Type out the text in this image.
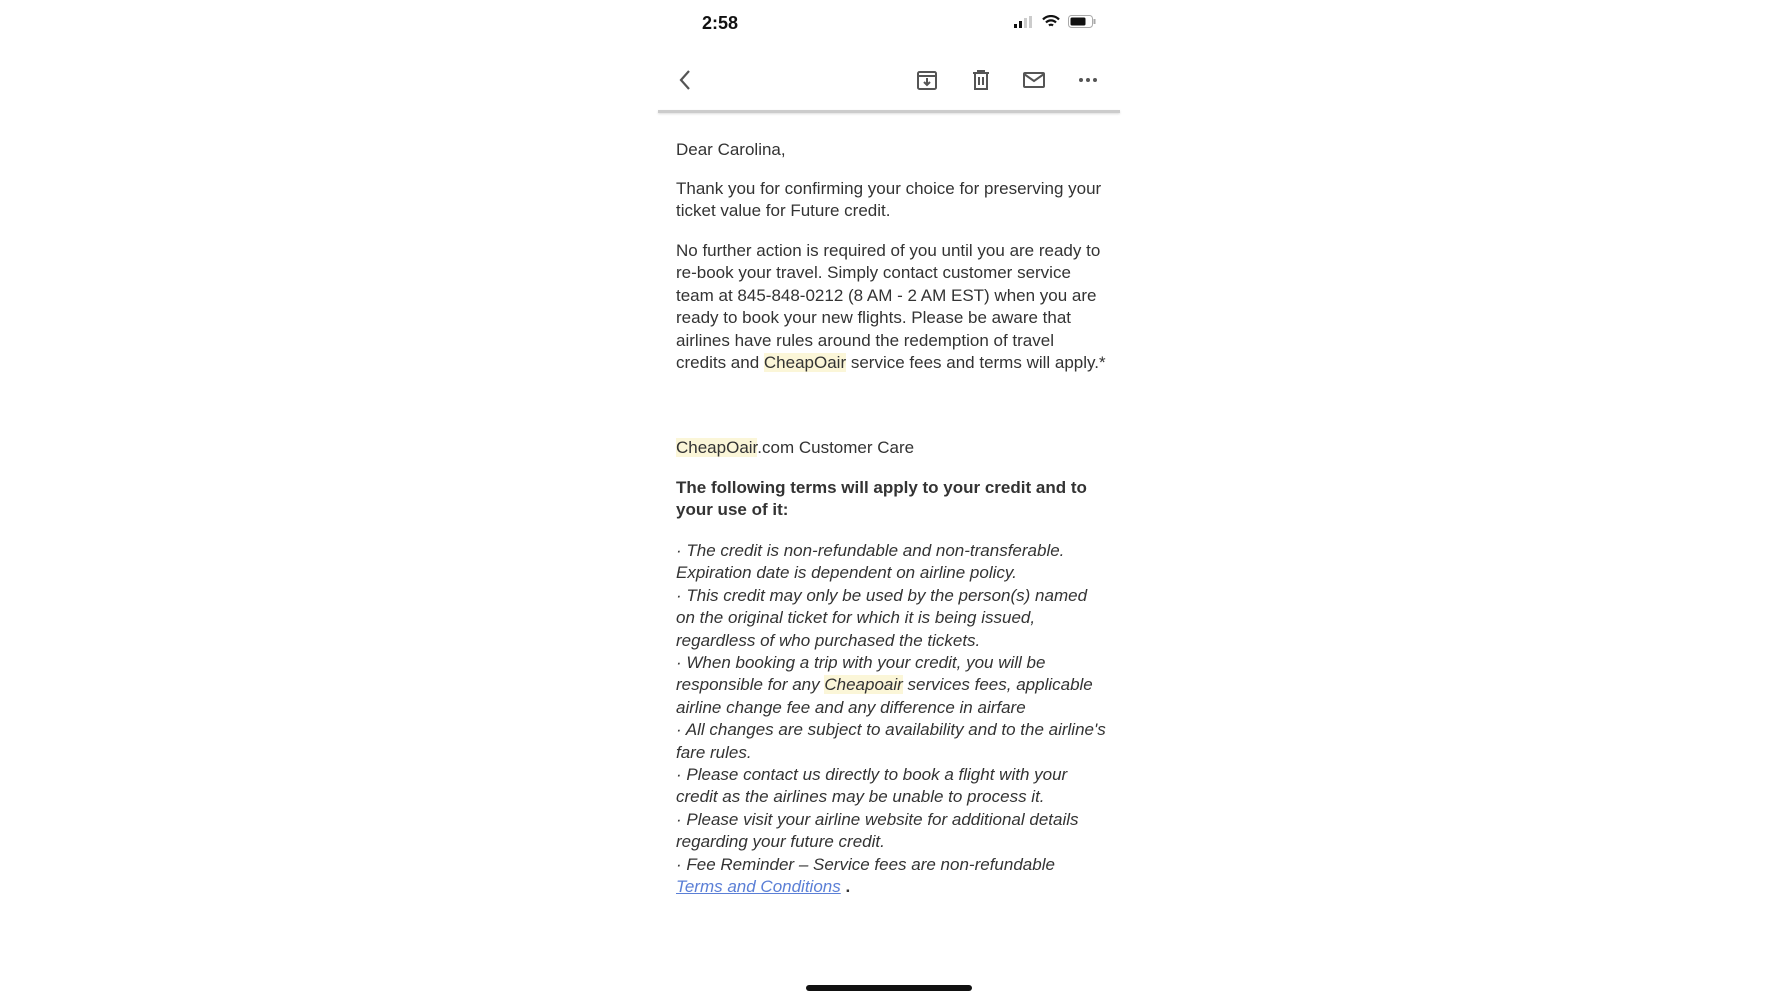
2:58
Dear Carolina,
Thank you for confirming your choice for preserving your ticket value for Future credit.
No further action is required of you until you are ready to re-book your travel. Simply contact customer service team at 845-848-0212 (8 AM - 2 AM EST) when you are ready to book your new flights. Please be aware that airlines have rules around the redemption of travel credits and CheapOair service fees and terms will apply.*
CheapOair.com Customer Care
The following terms will apply to your credit and to your use of it:
· The credit is non-refundable and non-transferable. Expiration date is dependent on airline policy.
· This credit may only be used by the person(s) named on the original ticket for which it is being issued, regardless of who purchased the tickets.
· When booking a trip with your credit, you will be responsible for any Cheapoair services fees, applicable airline change fee and any difference in airfare
· All changes are subject to availability and to the airline's fare rules.
· Please contact us directly to book a flight with your credit as the airlines may be unable to process it.
· Please visit your airline website for additional details regarding your future credit.
· Fee Reminder – Service fees are non-refundable
Terms and Conditions .
